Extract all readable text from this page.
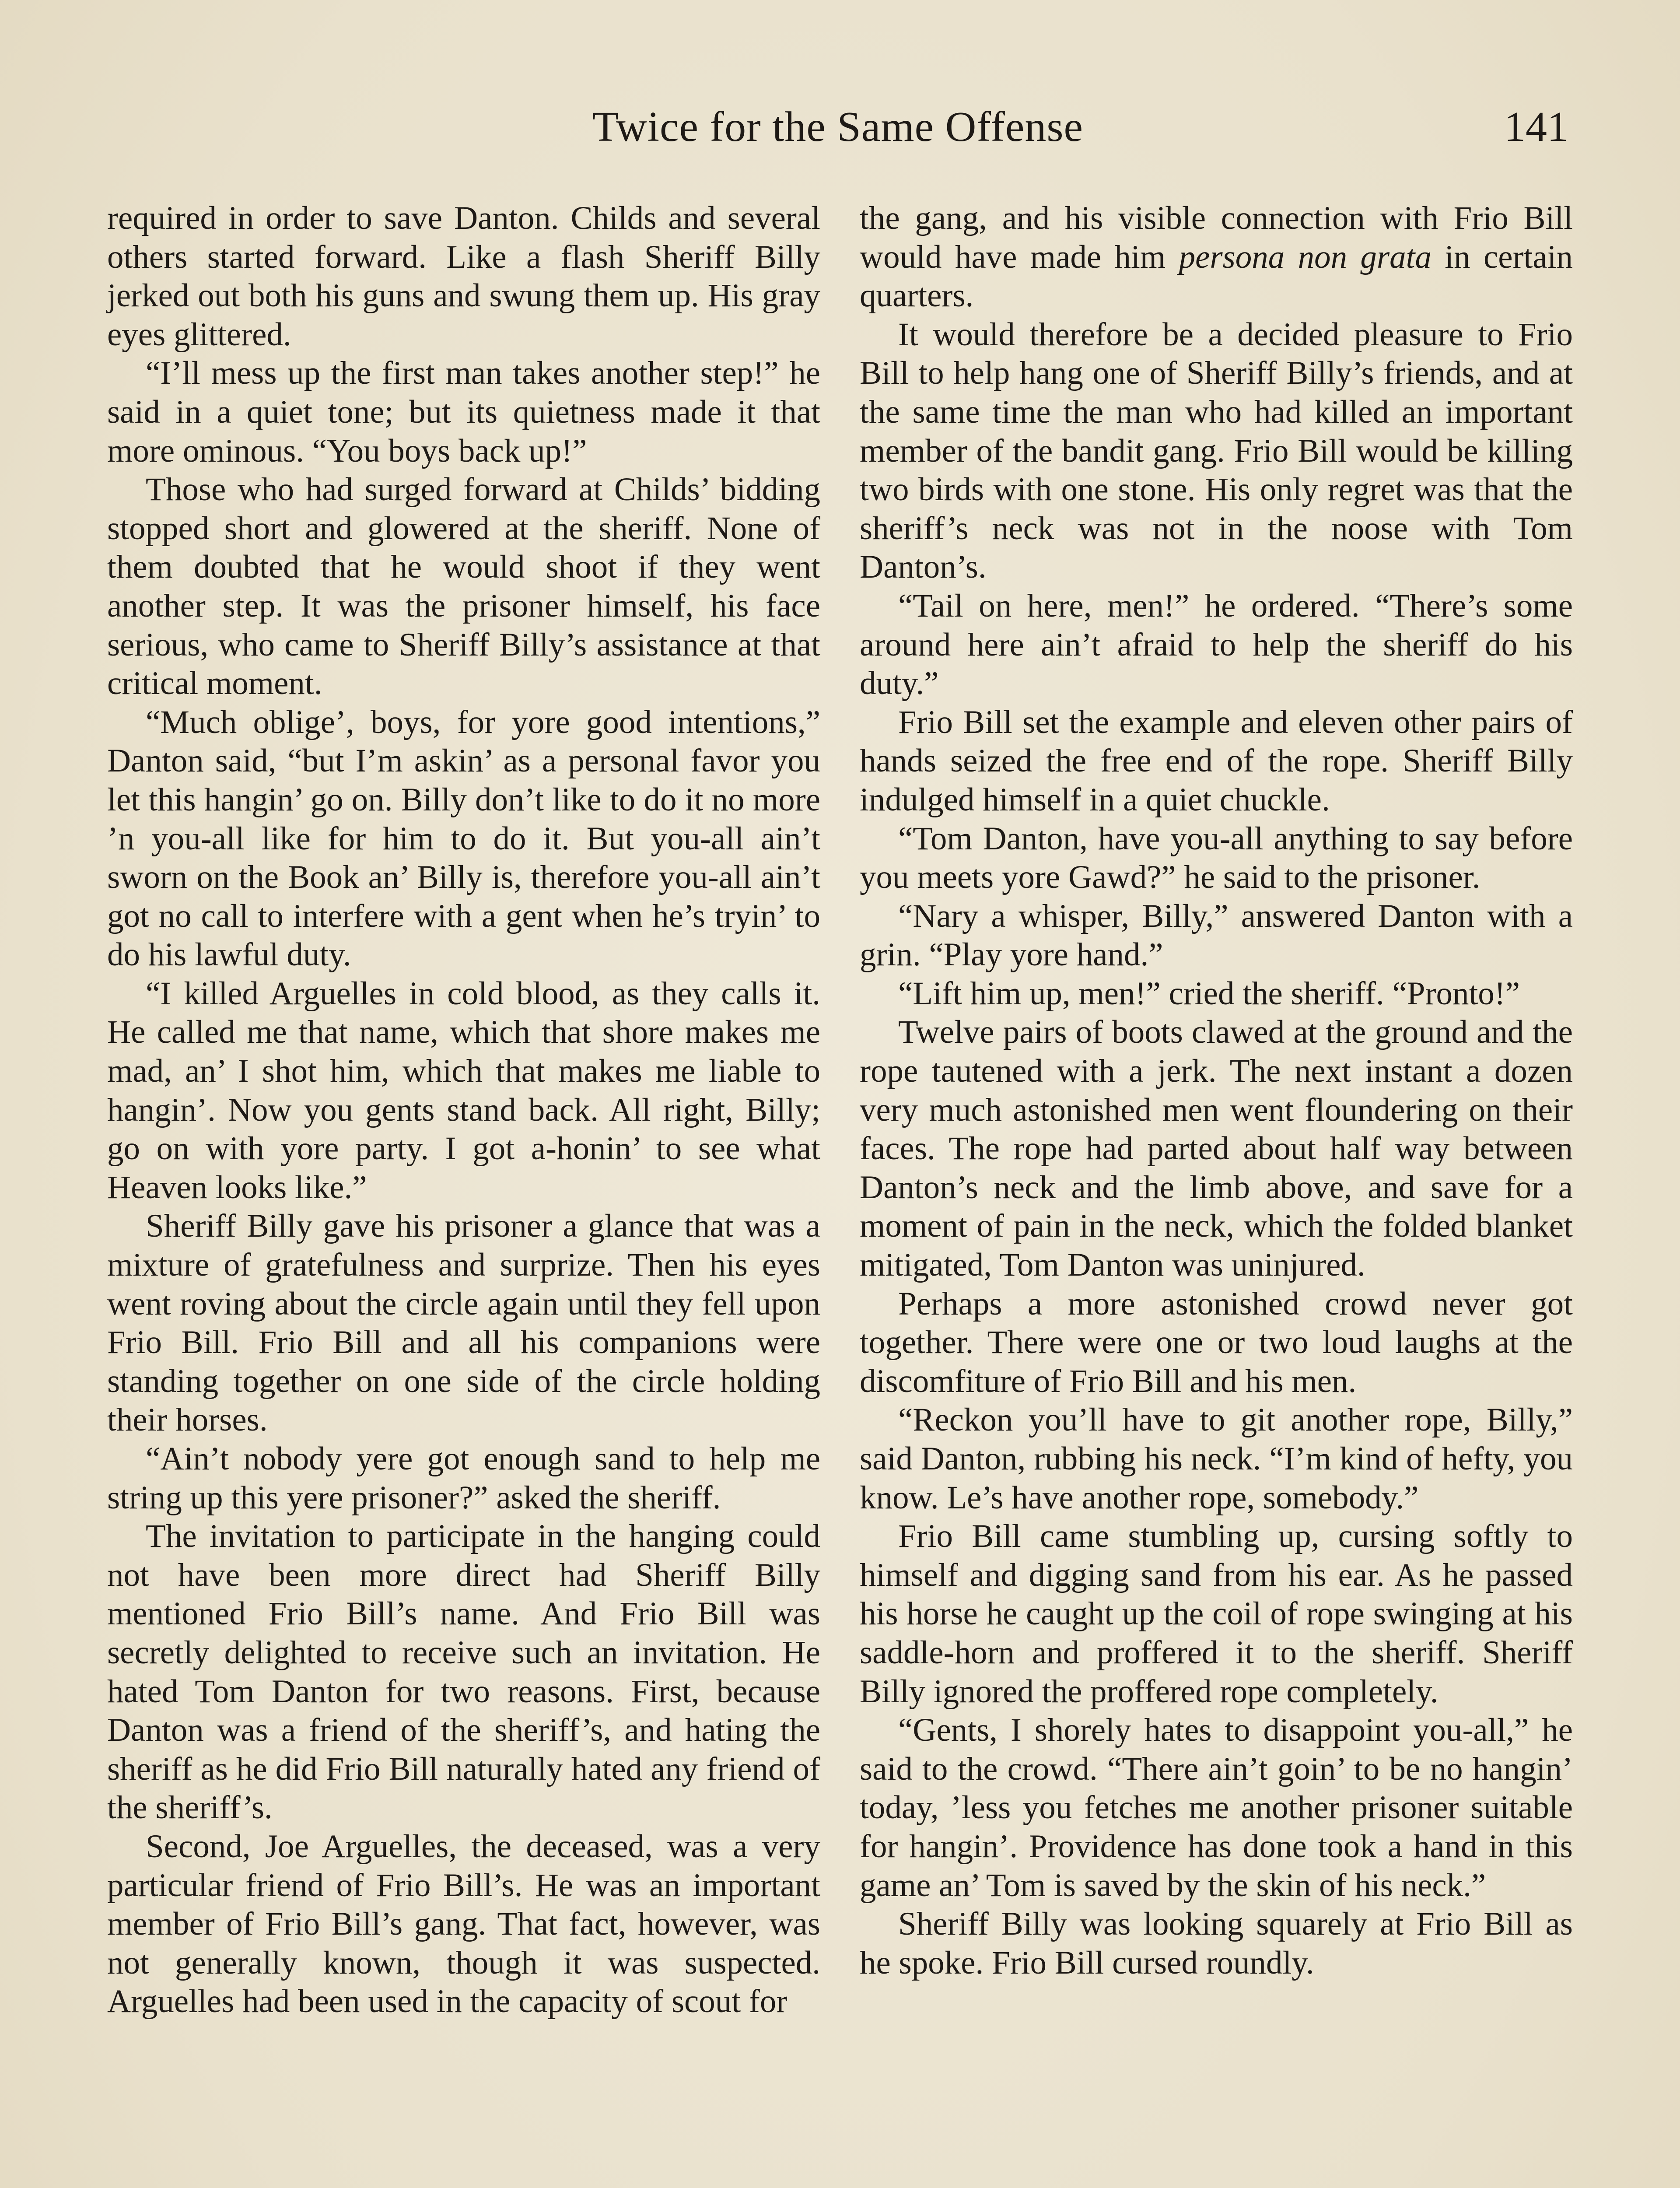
Twice for the Same Offense	141

required in order to save Danton. Childs and several others started forward. Like a flash Sheriff Billy jerked out both his guns and swung them up. His gray eyes glittered.

“I’ll mess up the first man takes another step!” he said in a quiet tone; but its quietness made it that more ominous. “You boys back up!”

Those who had surged forward at Childs’ bidding stopped short and glowered at the sheriff. None of them doubted that he would shoot if they went another step. It was the prisoner himself, his face serious, who came to Sheriff Billy’s assistance at that critical moment.

“Much oblige’, boys, for yore good intentions,” Danton said, “but I’m askin’ as a personal favor you let this hangin’ go on. Billy don’t like to do it no more ’n you-all like for him to do it. But you-all ain’t sworn on the Book an’ Billy is, therefore you-all ain’t got no call to interfere with a gent when he’s tryin’ to do his lawful duty.

“I killed Arguelles in cold blood, as they calls it. He called me that name, which that shore makes me mad, an’ I shot him, which that makes me liable to hangin’. Now you gents stand back. All right, Billy; go on with yore party. I got a-honin’ to see what Heaven looks like.”

Sheriff Billy gave his prisoner a glance that was a mixture of gratefulness and surprize. Then his eyes went roving about the circle again until they fell upon Frio Bill. Frio Bill and all his companions were standing together on one side of the circle holding their horses.

“Ain’t nobody yere got enough sand to help me string up this yere prisoner?” asked the sheriff.

The invitation to participate in the hanging could not have been more direct had Sheriff Billy mentioned Frio Bill’s name. And Frio Bill was secretly delighted to receive such an invitation. He hated Tom Danton for two reasons. First, because Danton was a friend of the sheriff’s, and hating the sheriff as he did Frio Bill naturally hated any friend of the sheriff’s.

Second, Joe Arguelles, the deceased, was a very particular friend of Frio Bill’s. He was an important member of Frio Bill’s gang. That fact, however, was not generally known, though it was suspected. Arguelles had been used in the capacity of scout for

the gang, and his visible connection with Frio Bill would have made him persona non grata in certain quarters.

It would therefore be a decided pleasure to Frio Bill to help hang one of Sheriff Billy’s friends, and at the same time the man who had killed an important member of the bandit gang. Frio Bill would be killing two birds with one stone. His only regret was that the sheriff’s neck was not in the noose with Tom Danton’s.

“Tail on here, men!” he ordered. “There’s some around here ain’t afraid to help the sheriff do his duty.”

Frio Bill set the example and eleven other pairs of hands seized the free end of the rope. Sheriff Billy indulged himself in a quiet chuckle.

“Tom Danton, have you-all anything to say before you meets yore Gawd?” he said to the prisoner.

“Nary a whisper, Billy,” answered Danton with a grin. “Play yore hand.”

“Lift him up, men!” cried the sheriff. “Pronto!”

Twelve pairs of boots clawed at the ground and the rope tautened with a jerk. The next instant a dozen very much astonished men went floundering on their faces. The rope had parted about half way between Danton’s neck and the limb above, and save for a moment of pain in the neck, which the folded blanket mitigated, Tom Danton was uninjured.

Perhaps a more astonished crowd never got together. There were one or two loud laughs at the discomfiture of Frio Bill and his men.

“Reckon you’ll have to git another rope, Billy,” said Danton, rubbing his neck. “I’m kind of hefty, you know. Le’s have another rope, somebody.”

Frio Bill came stumbling up, cursing softly to himself and digging sand from his ear. As he passed his horse he caught up the coil of rope swinging at his saddle-horn and proffered it to the sheriff. Sheriff Billy ignored the proffered rope completely.

“Gents, I shorely hates to disappoint you-all,” he said to the crowd. “There ain’t goin’ to be no hangin’ today, ’less you fetches me another prisoner suitable for hangin’. Providence has done took a hand in this game an’ Tom is saved by the skin of his neck.”

Sheriff Billy was looking squarely at Frio Bill as he spoke. Frio Bill cursed roundly.
